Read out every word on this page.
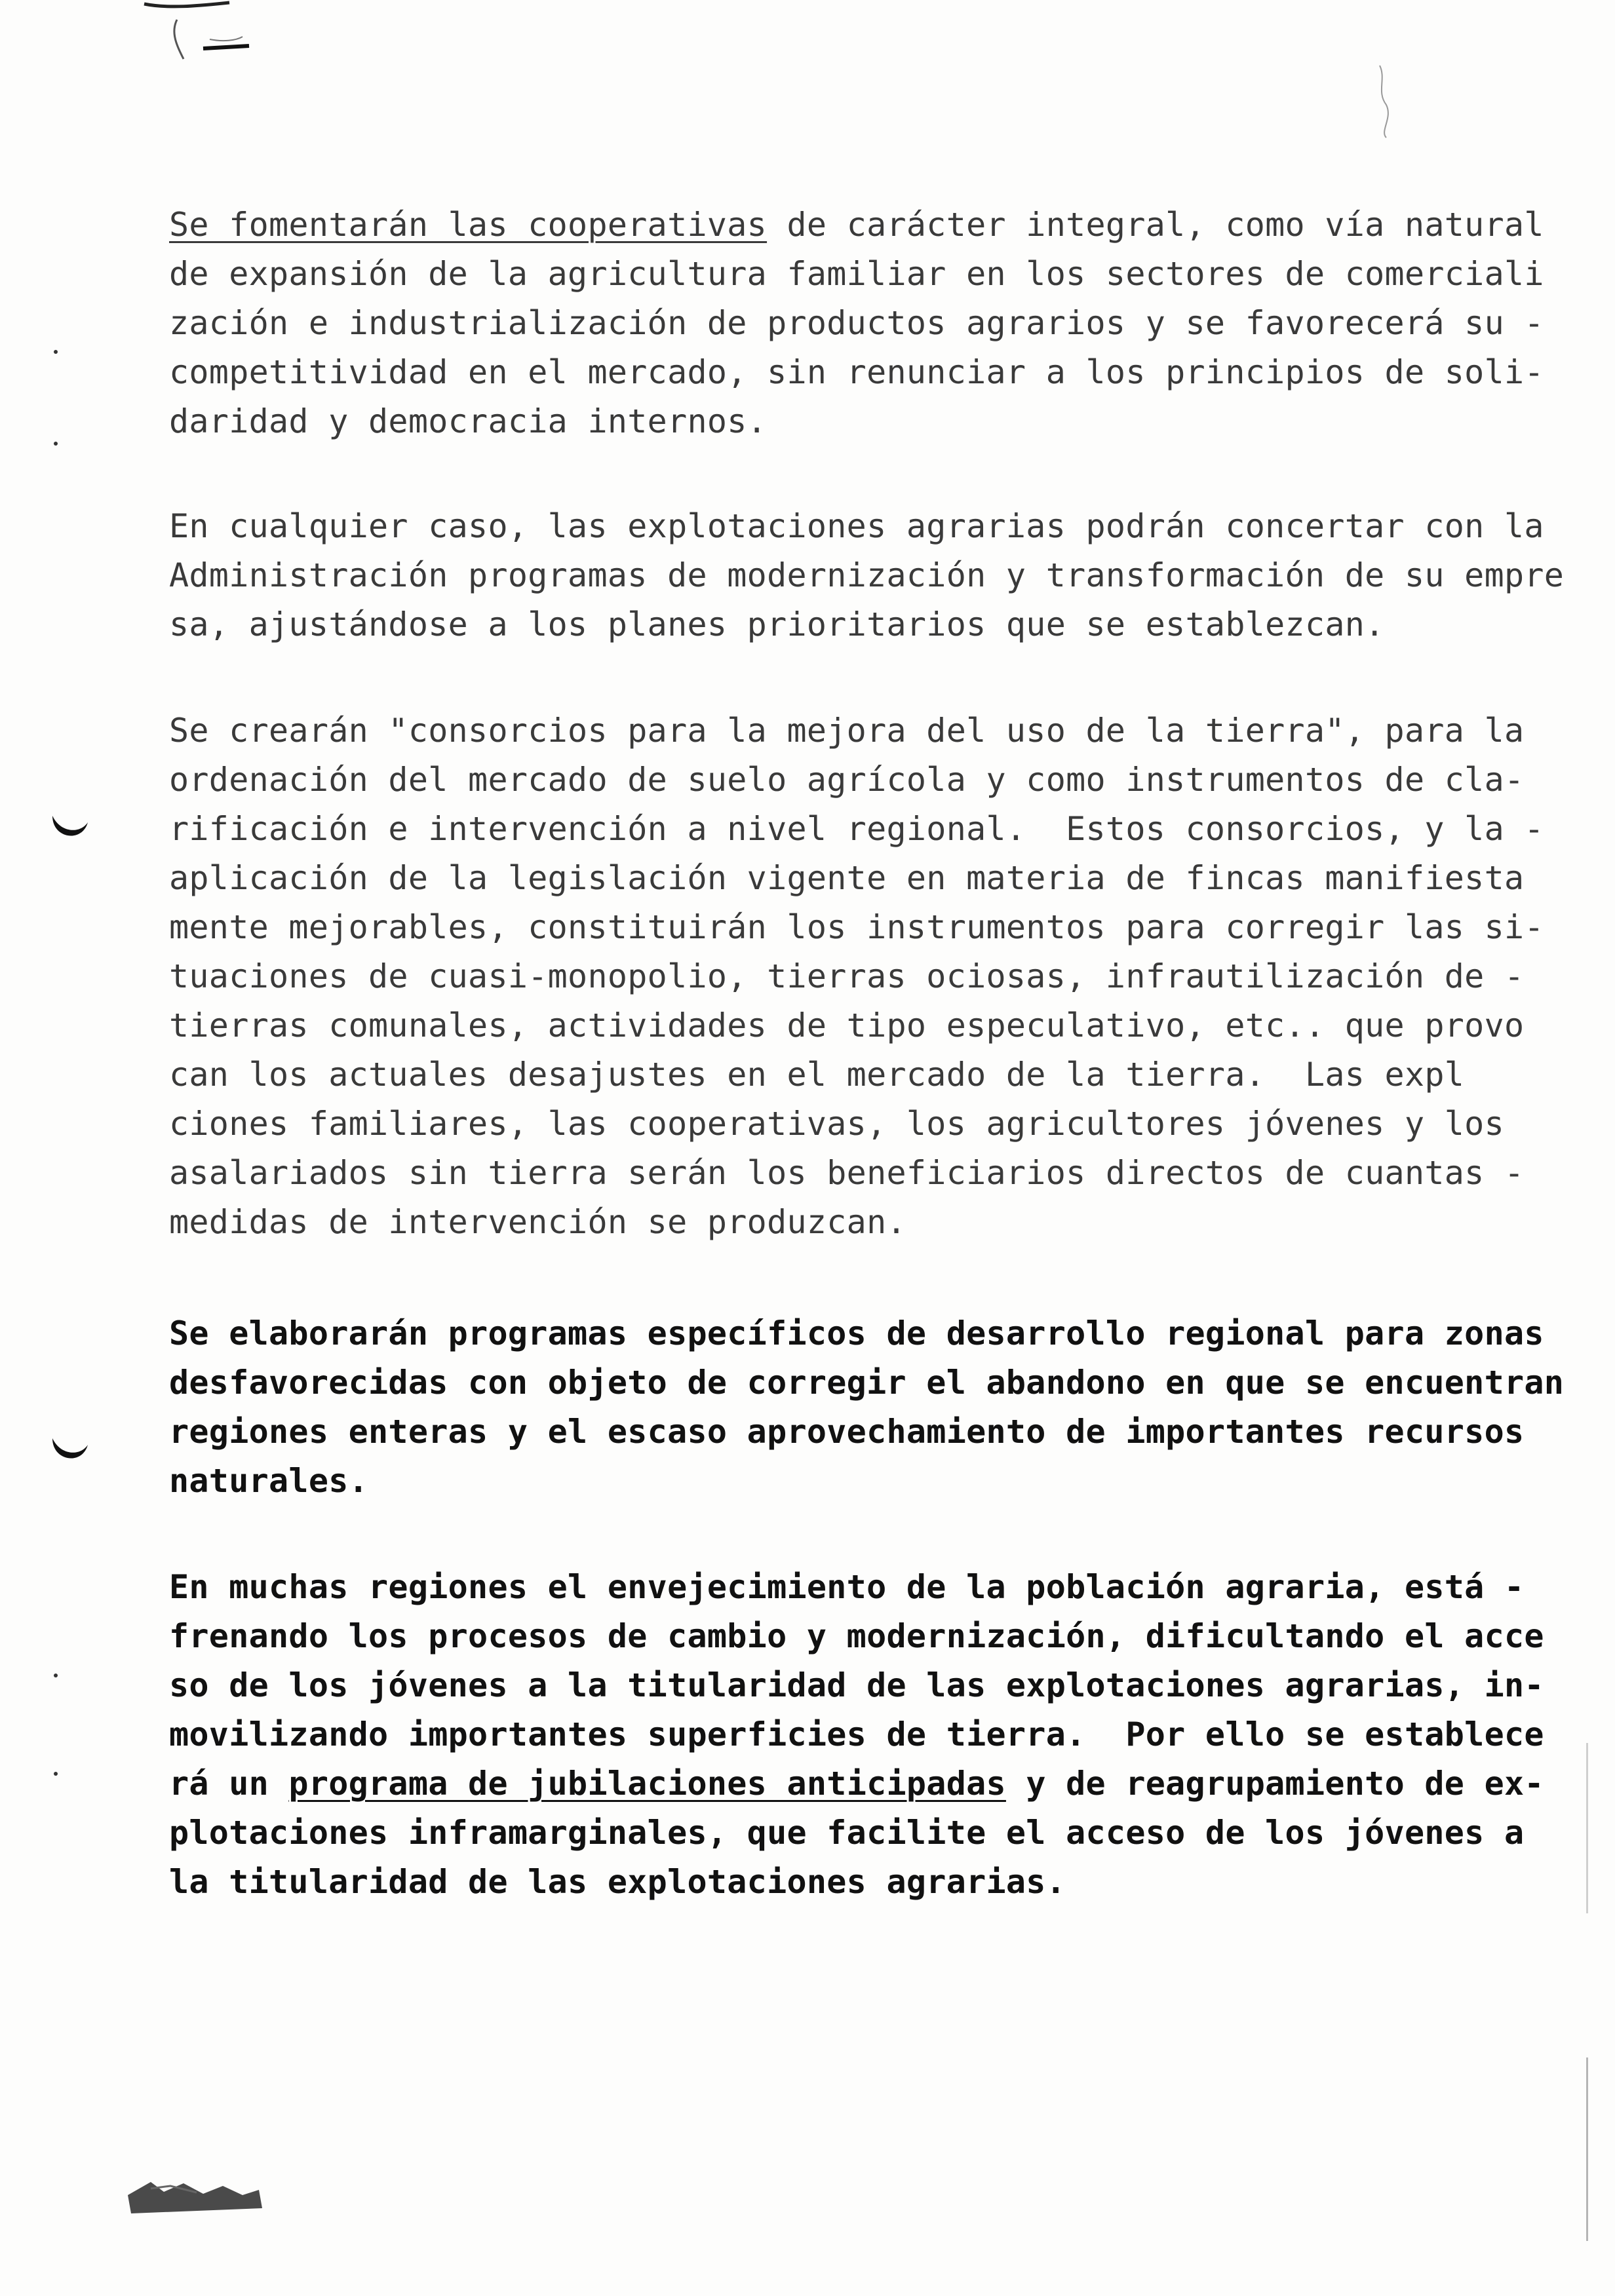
Se fomentarán las cooperativas de carácter integral, como vía natural
de expansión de la agricultura familiar en los sectores de comerciali
zación e industrialización de productos agrarios y se favorecerá su -
competitividad en el mercado, sin renunciar a los principios de soli-
daridad y democracia internos.
En cualquier caso, las explotaciones agrarias podrán concertar con la
Administración programas de modernización y transformación de su empre
sa, ajustándose a los planes prioritarios que se establezcan.
Se crearán "consorcios para la mejora del uso de la tierra", para la
ordenación del mercado de suelo agrícola y como instrumentos de cla-
rificación e intervención a nivel regional.  Estos consorcios, y la -
aplicación de la legislación vigente en materia de fincas manifiesta
mente mejorables, constituirán los instrumentos para corregir las si-
tuaciones de cuasi-monopolio, tierras ociosas, infrautilización de -
tierras comunales, actividades de tipo especulativo, etc.. que provo
can los actuales desajustes en el mercado de la tierra.  Las expl
ciones familiares, las cooperativas, los agricultores jóvenes y los
asalariados sin tierra serán los beneficiarios directos de cuantas -
medidas de intervención se produzcan.
Se elaborarán programas específicos de desarrollo regional para zonas
desfavorecidas con objeto de corregir el abandono en que se encuentran
regiones enteras y el escaso aprovechamiento de importantes recursos
naturales.
En muchas regiones el envejecimiento de la población agraria, está -
frenando los procesos de cambio y modernización, dificultando el acce
so de los jóvenes a la titularidad de las explotaciones agrarias, in-
movilizando importantes superficies de tierra.  Por ello se establece
rá un programa de jubilaciones anticipadas y de reagrupamiento de ex-
plotaciones inframarginales, que facilite el acceso de los jóvenes a
la titularidad de las explotaciones agrarias.
